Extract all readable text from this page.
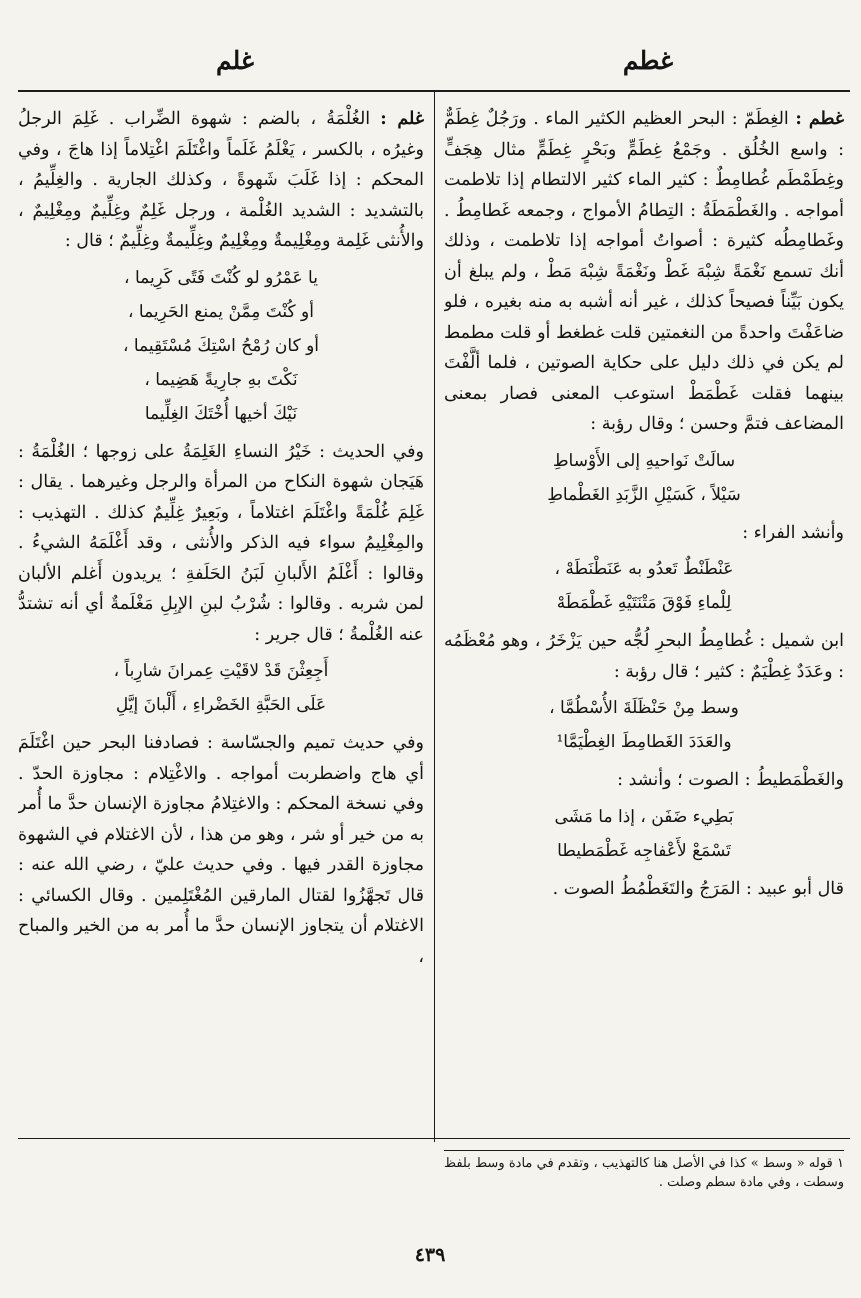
غطم
غلم

غطم : الغِطَمّ : البحر العظيم الكثير الماء . ورَجُلٌ غِطَمٌّ : واسع الخُلُق . وجَمْعُ غِطَمٍّ وبَحْرٍ غِطَمٍّ مثال هِجَفٍّ وغِطَمْطَم غُطامِطٌ : كثير الماء كثير الالتطام إذا تلاطمت أمواجه . والغَطْمَطَةُ : التِطامُ الأمواج ، وجمعه غَطامِطُ . وغَطامِطُه كثيرة : أصواتُ أمواجه إذا تلاطمت ، وذلك أنك تسمع نَغْمَةً شِبْهَ غَطْ ونَغْمَةً شِبْهَ مَطْ ، ولم يبلغ أن يكون بَيِّناً فصيحاً كذلك ، غير أنه أشبه به منه بغيره ، فلو ضاعَفْتَ واحدةً من النغمتين قلت غطغط أو قلت مطمط لم يكن في ذلك دليل على حكاية الصوتين ، فلما ألَّفْتَ بينهما فقلت غَطْمَطْ استوعب المعنى فصار بمعنى المضاعف فتمَّ وحسن ؛ وقال رؤبة :

سالَتْ نَواحيهِ إلى الأَوْساطِ
سَيْلاً ، كَسَيْلِ الزَّبَدِ الغَطْماطِ

وأنشد الفراء :

عَنْطَنْطٌ تَعدُو به عَنَطْنَطَهْ ،
لِلْماءِ فَوْقَ مَتْنَتَيْهِ غَطْمَطَهْ

ابن شميل : غُطامِطُ البحرِ لُجُّه حين يَزْخَرُ ، وهو مُعْظَمُه : وعَدَدٌ غِطْيَمٌ : كثير ؛ قال رؤبة :

وسط مِنْ حَنْظَلَةَ الأُسْطُمَّا ،
والعَدَدَ الغَطامِطَ الغِطْيَمَّا¹

والغَطْمَطيطُ : الصوت ؛ وأنشد :

بَطِيء ضَفَن ، إذا ما مَشَى
تَسْمَعْ لأَعْفاجِه غَطْمَطيطا

قال أبو عبيد : المَرَجُ والتَغَطْمُطُ الصوت .

غلم : الغُلْمَةُ ، بالضم : شهوة الضِّراب . غَلِمَ الرجلُ وغيرُه ، بالكسر ، يَغْلَمُ غَلَماً واغْتَلَمَ اغْتِلاماً إذا هاجَ ، وفي المحكم : إذا غَلَبَ شَهوةً ، وكذلك الجارية . والغِلِّيمُ ، بالتشديد : الشديد الغُلْمة ، ورجل غَلِمٌ وغِلِّيمٌ ومِغْلِيمٌ ، والأُنثى غَلِمة ومِغْلِيمةٌ ومِغْلِيمٌ وغِلِّيمةٌ وغِلِّيمٌ ؛ قال :

يا عَمْرُو لو كُنْتَ فَتًى كَرِيما ،
أو كُنْتَ مِمَّنْ يمنع الحَرِيما ،
أو كان رُمْحُ اسْتِكَ مُسْتَقِيما ،
نَكْتَ بهِ جارِيةً هَضِيما ،
نَيْكَ أخيها أُخْتَكَ الغِلِّيما

وفي الحديث : خَيْرُ النساءِ الغَلِمَةُ على زوجها ؛ الغُلْمَةُ : هَيَجان شهوة النكاح من المرأة والرجل وغيرهما . يقال : غَلِمَ غُلْمَةً واغْتَلَمَ اغتلاماً ، وبَعِيرٌ غِلِّيمٌ كذلك . التهذيب : والمِغْلِيمُ سواء فيه الذكر والأُنثى ، وقد أَغْلَمَهُ الشيءُ . وقالوا : أَغْلَمُ الأَلبانِ لَبَنُ الحَلَفةِ ؛ يريدون أَغلم الألبان لمن شربه . وقالوا : شُرْبُ لبنِ الإبِلِ مَغْلَمةٌ أي أنه تشتدُّ عنه الغُلْمةُ ؛ قال جرير :

أَجِعِثْنَ قَدْ لاقَيْتِ عِمرانَ شارِباً ،
عَلَى الحَبَّةِ الخَضْراءِ ، أَلْبانَ إيَّلِ

وفي حديث تميم والجسّاسة : فصادفنا البحر حين اغْتَلَمَ أي هاج واضطربت أمواجه . والاغْتِلام : مجاوزة الحدّ . وفي نسخة المحكم : والاغتِلامُ مجاوزة الإنسان حدَّ ما أُمر به من خير أو شر ، وهو من هذا ، لأن الاغتلام في الشهوة مجاوزة القدر فيها . وفي حديث عليّ ، رضي الله عنه : قال تَجهَّزُوا لقتال المارقين المُغْتَلِمين . وقال الكسائي : الاغتلام أن يتجاوز الإنسان حدَّ ما أُمر به من الخير والمباح ،

١ قوله « وسط » كذا في الأصل هنا كالتهذيب ، وتقدم في مادة وسط بلفظ وسطت ، وفي مادة سطم وصلت .
٤٣٩
